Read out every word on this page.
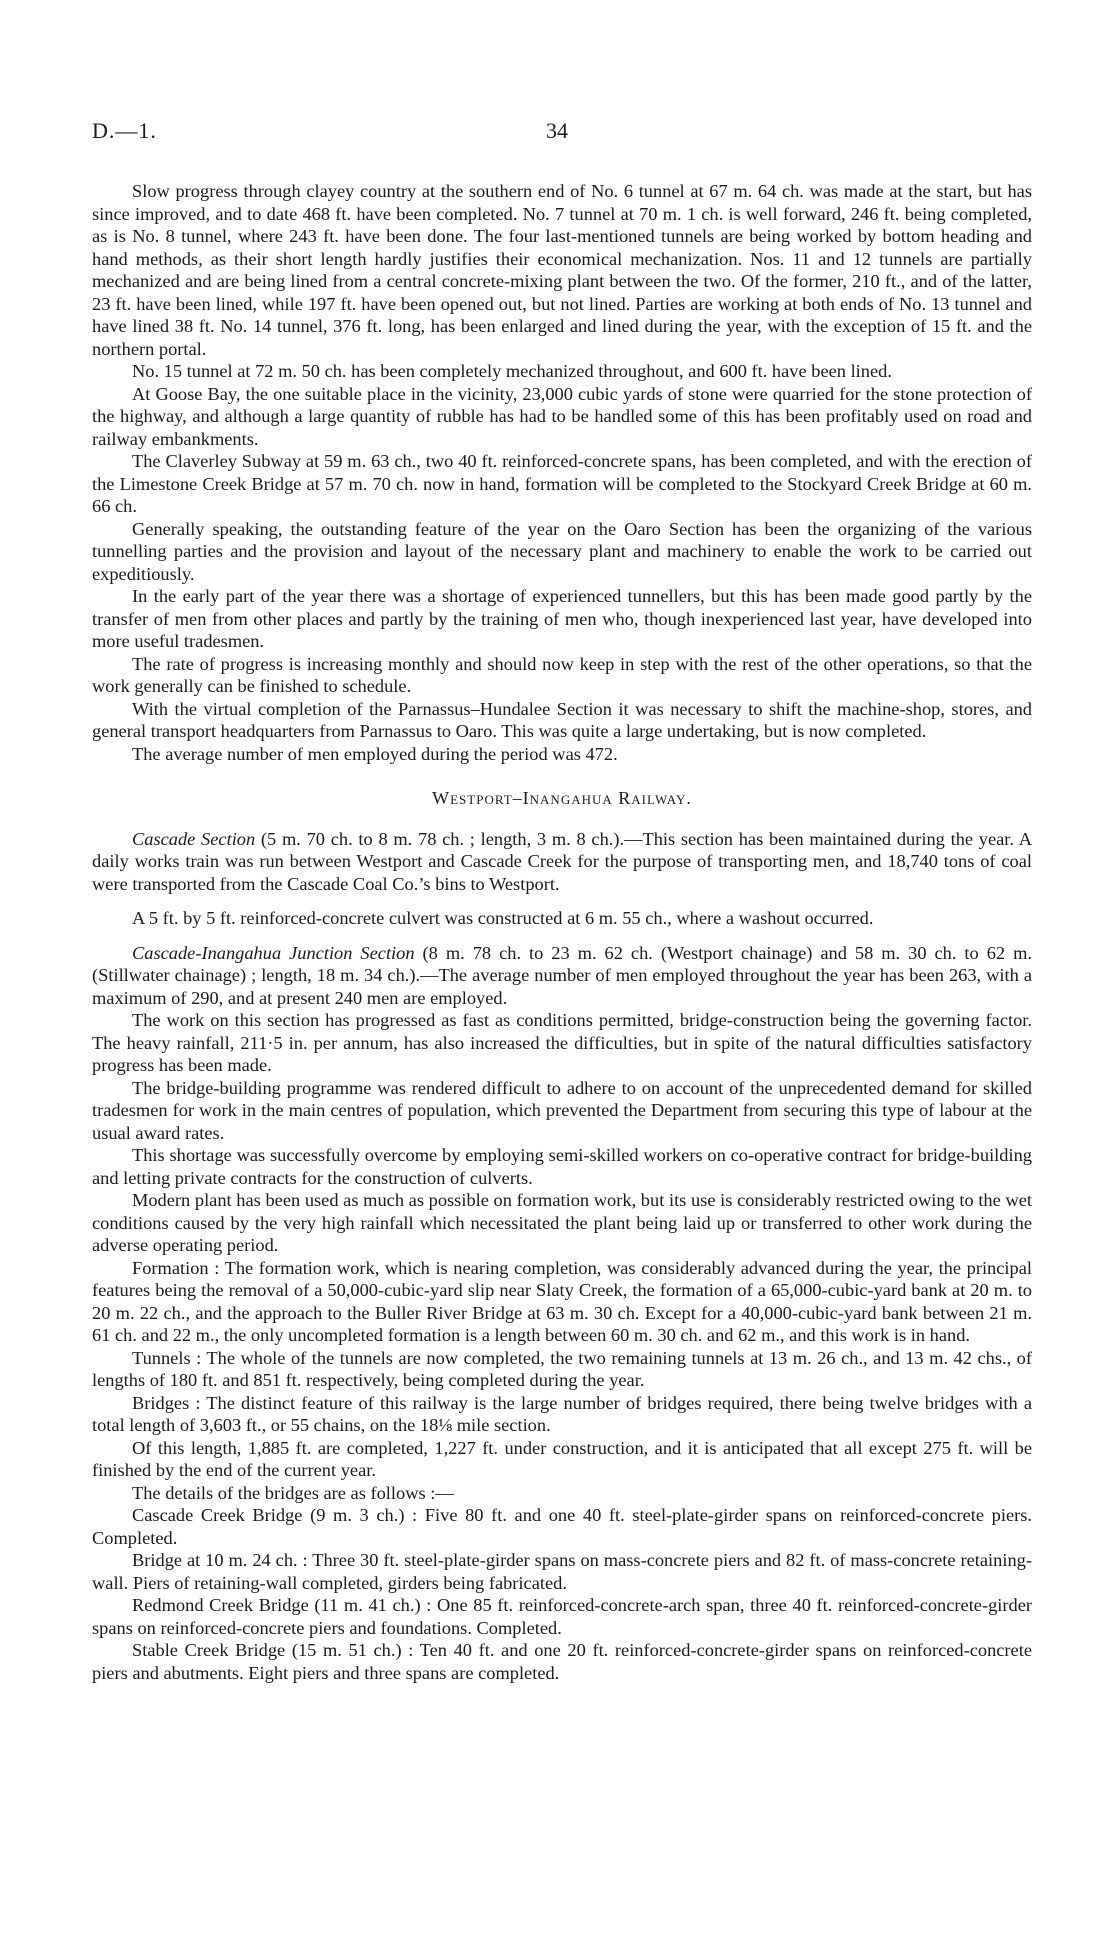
D.—1.	34

Slow progress through clayey country at the southern end of No. 6 tunnel at 67 m. 64 ch. was made at the start, but has since improved, and to date 468 ft. have been completed. No. 7 tunnel at 70 m. 1 ch. is well forward, 246 ft. being completed, as is No. 8 tunnel, where 243 ft. have been done. The four last-mentioned tunnels are being worked by bottom heading and hand methods, as their short length hardly justifies their economical mechanization. Nos. 11 and 12 tunnels are partially mechanized and are being lined from a central concrete-mixing plant between the two. Of the former, 210 ft., and of the latter, 23 ft. have been lined, while 197 ft. have been opened out, but not lined. Parties are working at both ends of No. 13 tunnel and have lined 38 ft. No. 14 tunnel, 376 ft. long, has been enlarged and lined during the year, with the exception of 15 ft. and the northern portal.

No. 15 tunnel at 72 m. 50 ch. has been completely mechanized throughout, and 600 ft. have been lined.

At Goose Bay, the one suitable place in the vicinity, 23,000 cubic yards of stone were quarried for the stone protection of the highway, and although a large quantity of rubble has had to be handled some of this has been profitably used on road and railway embankments.

The Claverley Subway at 59 m. 63 ch., two 40 ft. reinforced-concrete spans, has been completed, and with the erection of the Limestone Creek Bridge at 57 m. 70 ch. now in hand, formation will be completed to the Stockyard Creek Bridge at 60 m. 66 ch.

Generally speaking, the outstanding feature of the year on the Oaro Section has been the organizing of the various tunnelling parties and the provision and layout of the necessary plant and machinery to enable the work to be carried out expeditiously.

In the early part of the year there was a shortage of experienced tunnellers, but this has been made good partly by the transfer of men from other places and partly by the training of men who, though inexperienced last year, have developed into more useful tradesmen.

The rate of progress is increasing monthly and should now keep in step with the rest of the other operations, so that the work generally can be finished to schedule.

With the virtual completion of the Parnassus–Hundalee Section it was necessary to shift the machine-shop, stores, and general transport headquarters from Parnassus to Oaro. This was quite a large undertaking, but is now completed.

The average number of men employed during the period was 472.

Westport–Inangahua Railway.

Cascade Section (5 m. 70 ch. to 8 m. 78 ch. ; length, 3 m. 8 ch.).—This section has been maintained during the year. A daily works train was run between Westport and Cascade Creek for the purpose of transporting men, and 18,740 tons of coal were transported from the Cascade Coal Co.’s bins to Westport.

A 5 ft. by 5 ft. reinforced-concrete culvert was constructed at 6 m. 55 ch., where a washout occurred.

Cascade-Inangahua Junction Section (8 m. 78 ch. to 23 m. 62 ch. (Westport chainage) and 58 m. 30 ch. to 62 m. (Stillwater chainage) ; length, 18 m. 34 ch.).—The average number of men employed throughout the year has been 263, with a maximum of 290, and at present 240 men are employed.

The work on this section has progressed as fast as conditions permitted, bridge-construction being the governing factor. The heavy rainfall, 211·5 in. per annum, has also increased the difficulties, but in spite of the natural difficulties satisfactory progress has been made.

The bridge-building programme was rendered difficult to adhere to on account of the unprecedented demand for skilled tradesmen for work in the main centres of population, which prevented the Department from securing this type of labour at the usual award rates.

This shortage was successfully overcome by employing semi-skilled workers on co-operative contract for bridge-building and letting private contracts for the construction of culverts.

Modern plant has been used as much as possible on formation work, but its use is considerably restricted owing to the wet conditions caused by the very high rainfall which necessitated the plant being laid up or transferred to other work during the adverse operating period.

Formation : The formation work, which is nearing completion, was considerably advanced during the year, the principal features being the removal of a 50,000-cubic-yard slip near Slaty Creek, the formation of a 65,000-cubic-yard bank at 20 m. to 20 m. 22 ch., and the approach to the Buller River Bridge at 63 m. 30 ch. Except for a 40,000-cubic-yard bank between 21 m. 61 ch. and 22 m., the only uncompleted formation is a length between 60 m. 30 ch. and 62 m., and this work is in hand.

Tunnels : The whole of the tunnels are now completed, the two remaining tunnels at 13 m. 26 ch., and 13 m. 42 chs., of lengths of 180 ft. and 851 ft. respectively, being completed during the year.

Bridges : The distinct feature of this railway is the large number of bridges required, there being twelve bridges with a total length of 3,603 ft., or 55 chains, on the 18⅛ mile section.

Of this length, 1,885 ft. are completed, 1,227 ft. under construction, and it is anticipated that all except 275 ft. will be finished by the end of the current year.

The details of the bridges are as follows :—

Cascade Creek Bridge (9 m. 3 ch.) : Five 80 ft. and one 40 ft. steel-plate-girder spans on reinforced-concrete piers. Completed.

Bridge at 10 m. 24 ch. : Three 30 ft. steel-plate-girder spans on mass-concrete piers and 82 ft. of mass-concrete retaining-wall. Piers of retaining-wall completed, girders being fabricated.

Redmond Creek Bridge (11 m. 41 ch.) : One 85 ft. reinforced-concrete-arch span, three 40 ft. reinforced-concrete-girder spans on reinforced-concrete piers and foundations. Completed.

Stable Creek Bridge (15 m. 51 ch.) : Ten 40 ft. and one 20 ft. reinforced-concrete-girder spans on reinforced-concrete piers and abutments. Eight piers and three spans are completed.
